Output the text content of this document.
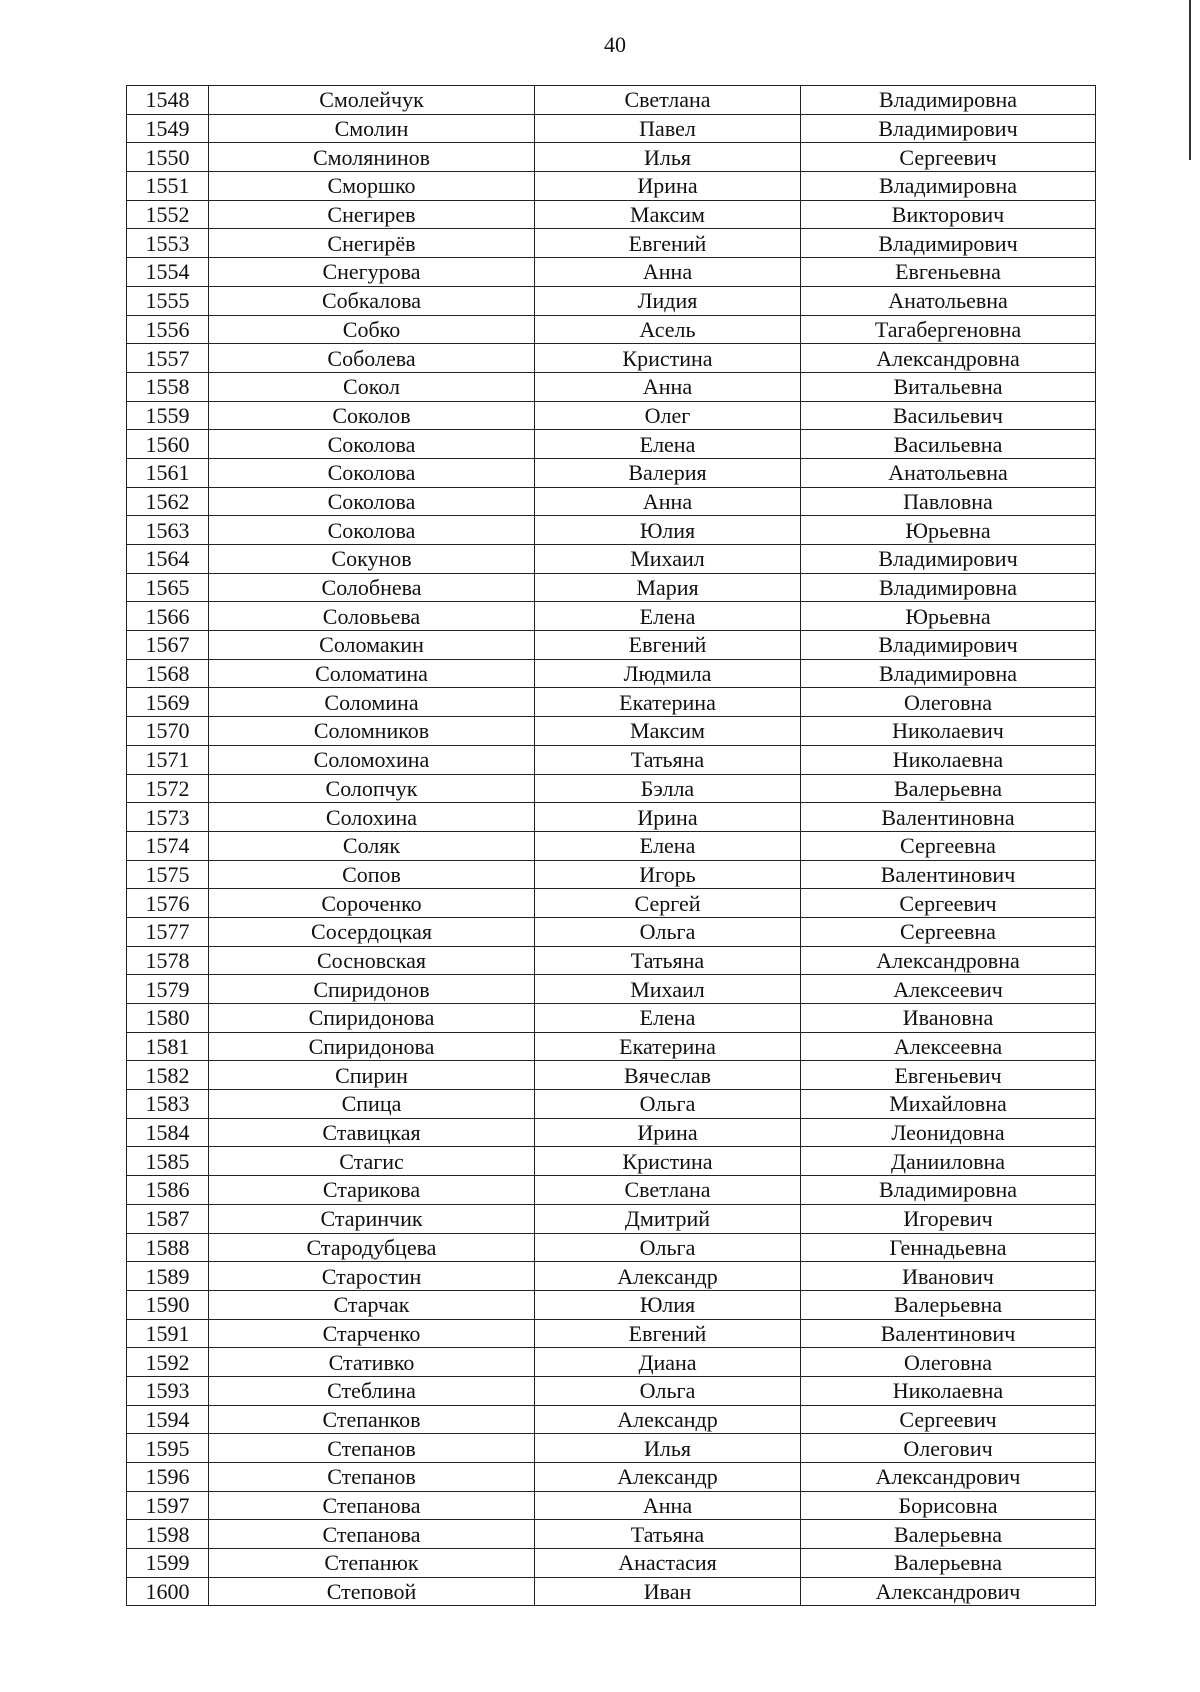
40
1548	Смолейчук	Светлана	Владимировна
1549	Смолин	Павел	Владимирович
1550	Смолянинов	Илья	Сергеевич
1551	Сморшко	Ирина	Владимировна
1552	Снегирев	Максим	Викторович
1553	Снегирёв	Евгений	Владимирович
1554	Снегурова	Анна	Евгеньевна
1555	Собкалова	Лидия	Анатольевна
1556	Собко	Асель	Тагабергеновна
1557	Соболева	Кристина	Александровна
1558	Сокол	Анна	Витальевна
1559	Соколов	Олег	Васильевич
1560	Соколова	Елена	Васильевна
1561	Соколова	Валерия	Анатольевна
1562	Соколова	Анна	Павловна
1563	Соколова	Юлия	Юрьевна
1564	Сокунов	Михаил	Владимирович
1565	Солобнева	Мария	Владимировна
1566	Соловьева	Елена	Юрьевна
1567	Соломакин	Евгений	Владимирович
1568	Соломатина	Людмила	Владимировна
1569	Соломина	Екатерина	Олеговна
1570	Соломников	Максим	Николаевич
1571	Соломохина	Татьяна	Николаевна
1572	Солопчук	Бэлла	Валерьевна
1573	Солохина	Ирина	Валентиновна
1574	Соляк	Елена	Сергеевна
1575	Сопов	Игорь	Валентинович
1576	Сороченко	Сергей	Сергеевич
1577	Сосердоцкая	Ольга	Сергеевна
1578	Сосновская	Татьяна	Александровна
1579	Спиридонов	Михаил	Алексеевич
1580	Спиридонова	Елена	Ивановна
1581	Спиридонова	Екатерина	Алексеевна
1582	Спирин	Вячеслав	Евгеньевич
1583	Спица	Ольга	Михайловна
1584	Ставицкая	Ирина	Леонидовна
1585	Стагис	Кристина	Данииловна
1586	Старикова	Светлана	Владимировна
1587	Старинчик	Дмитрий	Игоревич
1588	Стародубцева	Ольга	Геннадьевна
1589	Старостин	Александр	Иванович
1590	Старчак	Юлия	Валерьевна
1591	Старченко	Евгений	Валентинович
1592	Стативко	Диана	Олеговна
1593	Стеблина	Ольга	Николаевна
1594	Степанков	Александр	Сергеевич
1595	Степанов	Илья	Олегович
1596	Степанов	Александр	Александрович
1597	Степанова	Анна	Борисовна
1598	Степанова	Татьяна	Валерьевна
1599	Степанюк	Анастасия	Валерьевна
1600	Степовой	Иван	Александрович
